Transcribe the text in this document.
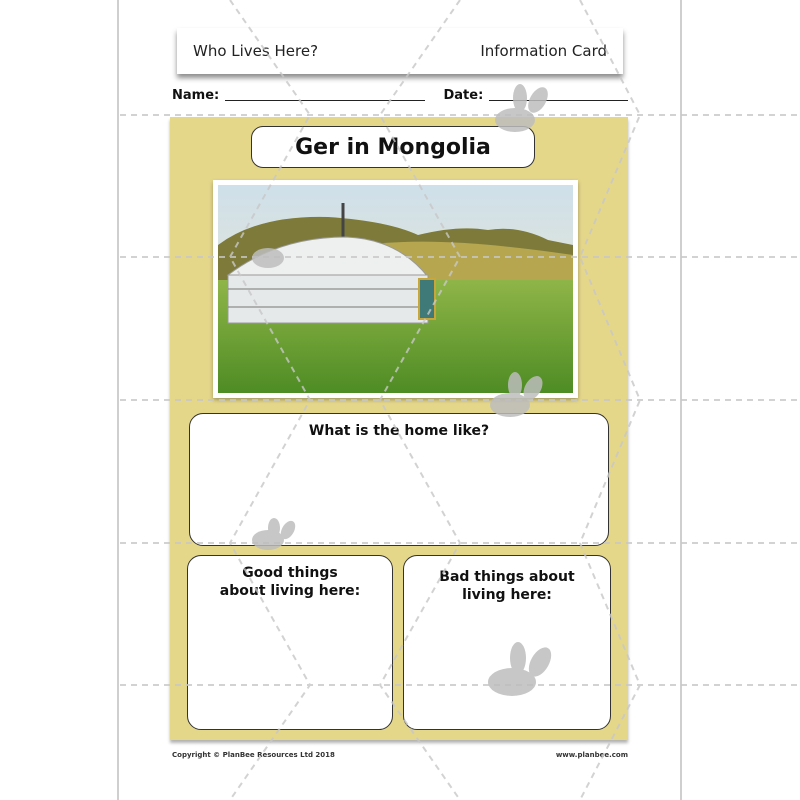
Who Lives Here?	Information Card
Name:	Date:
Ger in Mongolia
What is the home like?
Good things about living here:
Bad things about living here:
Copyright © PlanBee Resources Ltd 2018	www.planbee.com
